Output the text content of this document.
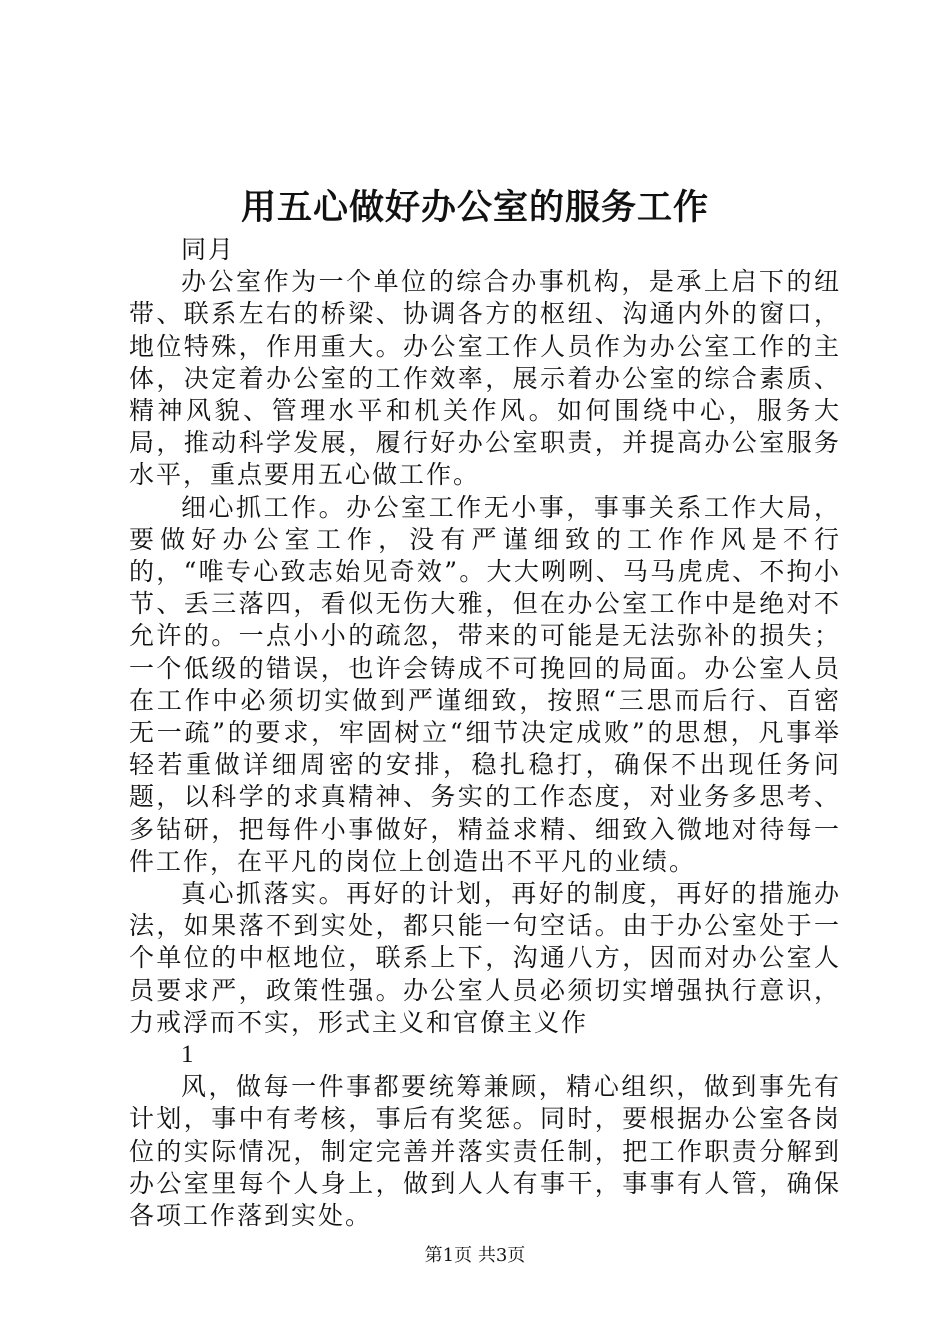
用五心做好办公室的服务工作

同月

办公室作为一个单位的综合办事机构，是承上启下的纽带、联系左右的桥梁、协调各方的枢纽、沟通内外的窗口，地位特殊，作用重大。办公室工作人员作为办公室工作的主体，决定着办公室的工作效率，展示着办公室的综合素质、精神风貌、管理水平和机关作风。如何围绕中心，服务大局，推动科学发展，履行好办公室职责，并提高办公室服务水平，重点要用五心做工作。

细心抓工作。办公室工作无小事，事事关系工作大局，要做好办公室工作，没有严谨细致的工作作风是不行的，“唯专心致志始见奇效”。大大咧咧、马马虎虎、不拘小节、丢三落四，看似无伤大雅，但在办公室工作中是绝对不允许的。一点小小的疏忽，带来的可能是无法弥补的损失；一个低级的错误，也许会铸成不可挽回的局面。办公室人员在工作中必须切实做到严谨细致，按照“三思而后行、百密无一疏”的要求，牢固树立“细节决定成败”的思想，凡事举轻若重做详细周密的安排，稳扎稳打，确保不出现任务问题，以科学的求真精神、务实的工作态度，对业务多思考、多钻研，把每件小事做好，精益求精、细致入微地对待每一件工作，在平凡的岗位上创造出不平凡的业绩。

真心抓落实。再好的计划，再好的制度，再好的措施办法，如果落不到实处，都只能一句空话。由于办公室处于一个单位的中枢地位，联系上下，沟通八方，因而对办公室人员要求严，政策性强。办公室人员必须切实增强执行意识，力戒浮而不实，形式主义和官僚主义作

1

风，做每一件事都要统筹兼顾，精心组织，做到事先有计划，事中有考核，事后有奖惩。同时，要根据办公室各岗位的实际情况，制定完善并落实责任制，把工作职责分解到办公室里每个人身上，做到人人有事干，事事有人管，确保各项工作落到实处。

第1页 共3页
